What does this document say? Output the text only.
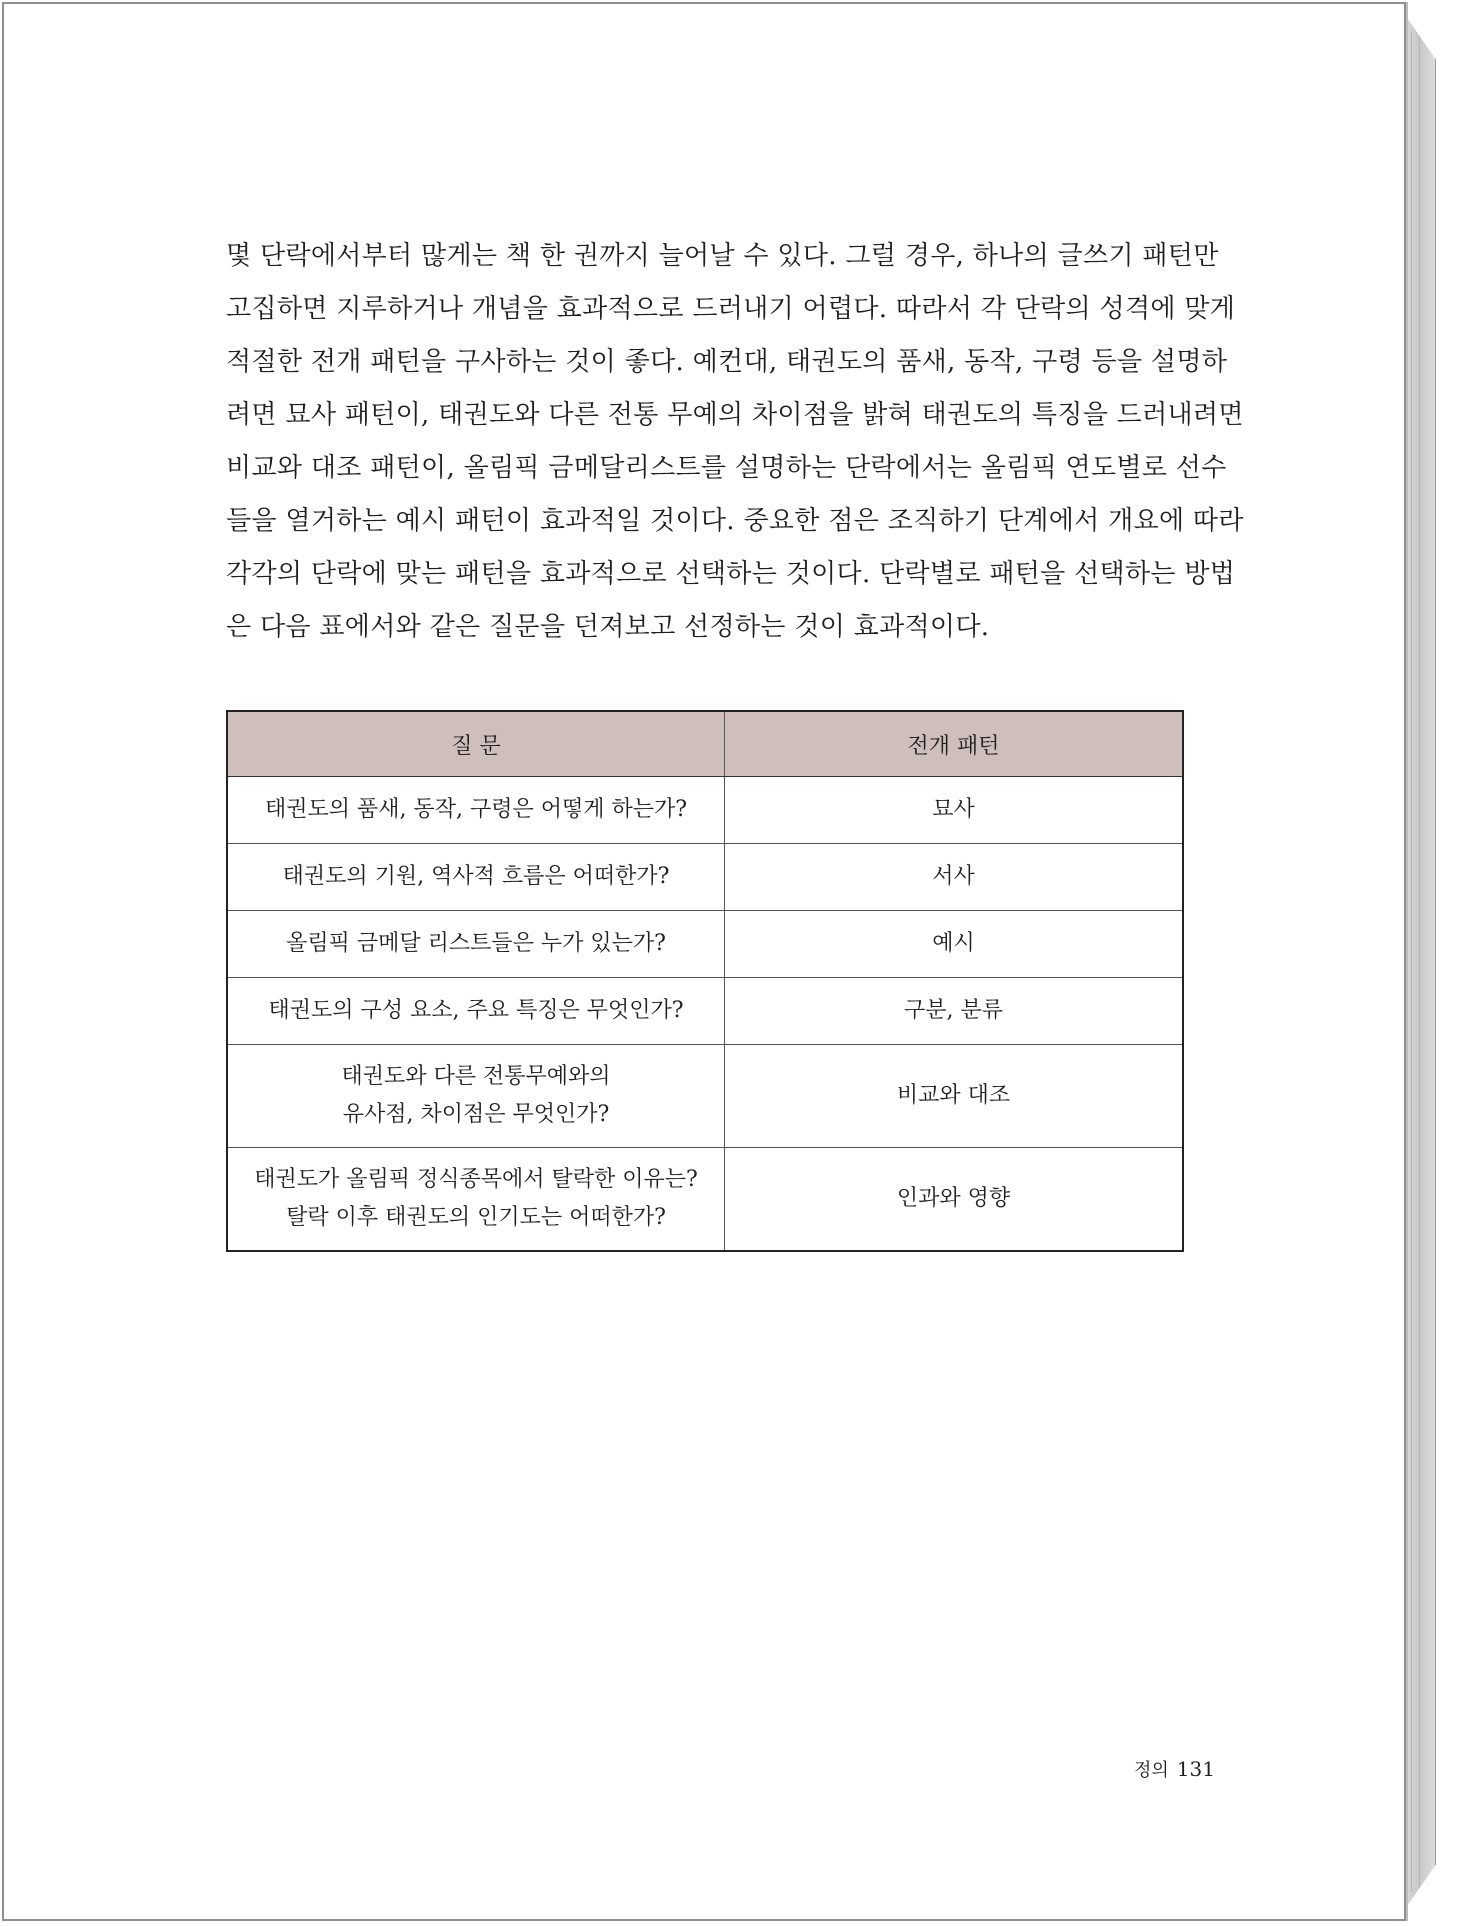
몇 단락에서부터 많게는 책 한 권까지 늘어날 수 있다. 그럴 경우, 하나의 글쓰기 패턴만
고집하면 지루하거나 개념을 효과적으로 드러내기 어렵다. 따라서 각 단락의 성격에 맞게
적절한 전개 패턴을 구사하는 것이 좋다. 예컨대, 태권도의 품새, 동작, 구령 등을 설명하
려면 묘사 패턴이, 태권도와 다른 전통 무예의 차이점을 밝혀 태권도의 특징을 드러내려면
비교와 대조 패턴이, 올림픽 금메달리스트를 설명하는 단락에서는 올림픽 연도별로 선수
들을 열거하는 예시 패턴이 효과적일 것이다. 중요한 점은 조직하기 단계에서 개요에 따라
각각의 단락에 맞는 패턴을 효과적으로 선택하는 것이다. 단락별로 패턴을 선택하는 방법
은 다음 표에서와 같은 질문을 던져보고 선정하는 것이 효과적이다.

질 문	전개 패턴

태권도의 품새, 동작, 구령은 어떻게 하는가?	묘사

태권도의 기원, 역사적 흐름은 어떠한가?	서사

올림픽 금메달 리스트들은 누가 있는가?	예시

태권도의 구성 요소, 주요 특징은 무엇인가?	구분, 분류

태권도와 다른 전통무예와의
유사점, 차이점은 무엇인가?	비교와 대조

태권도가 올림픽 정식종목에서 탈락한 이유는?
탈락 이후 태권도의 인기도는 어떠한가?	인과와 영향
정의 131
